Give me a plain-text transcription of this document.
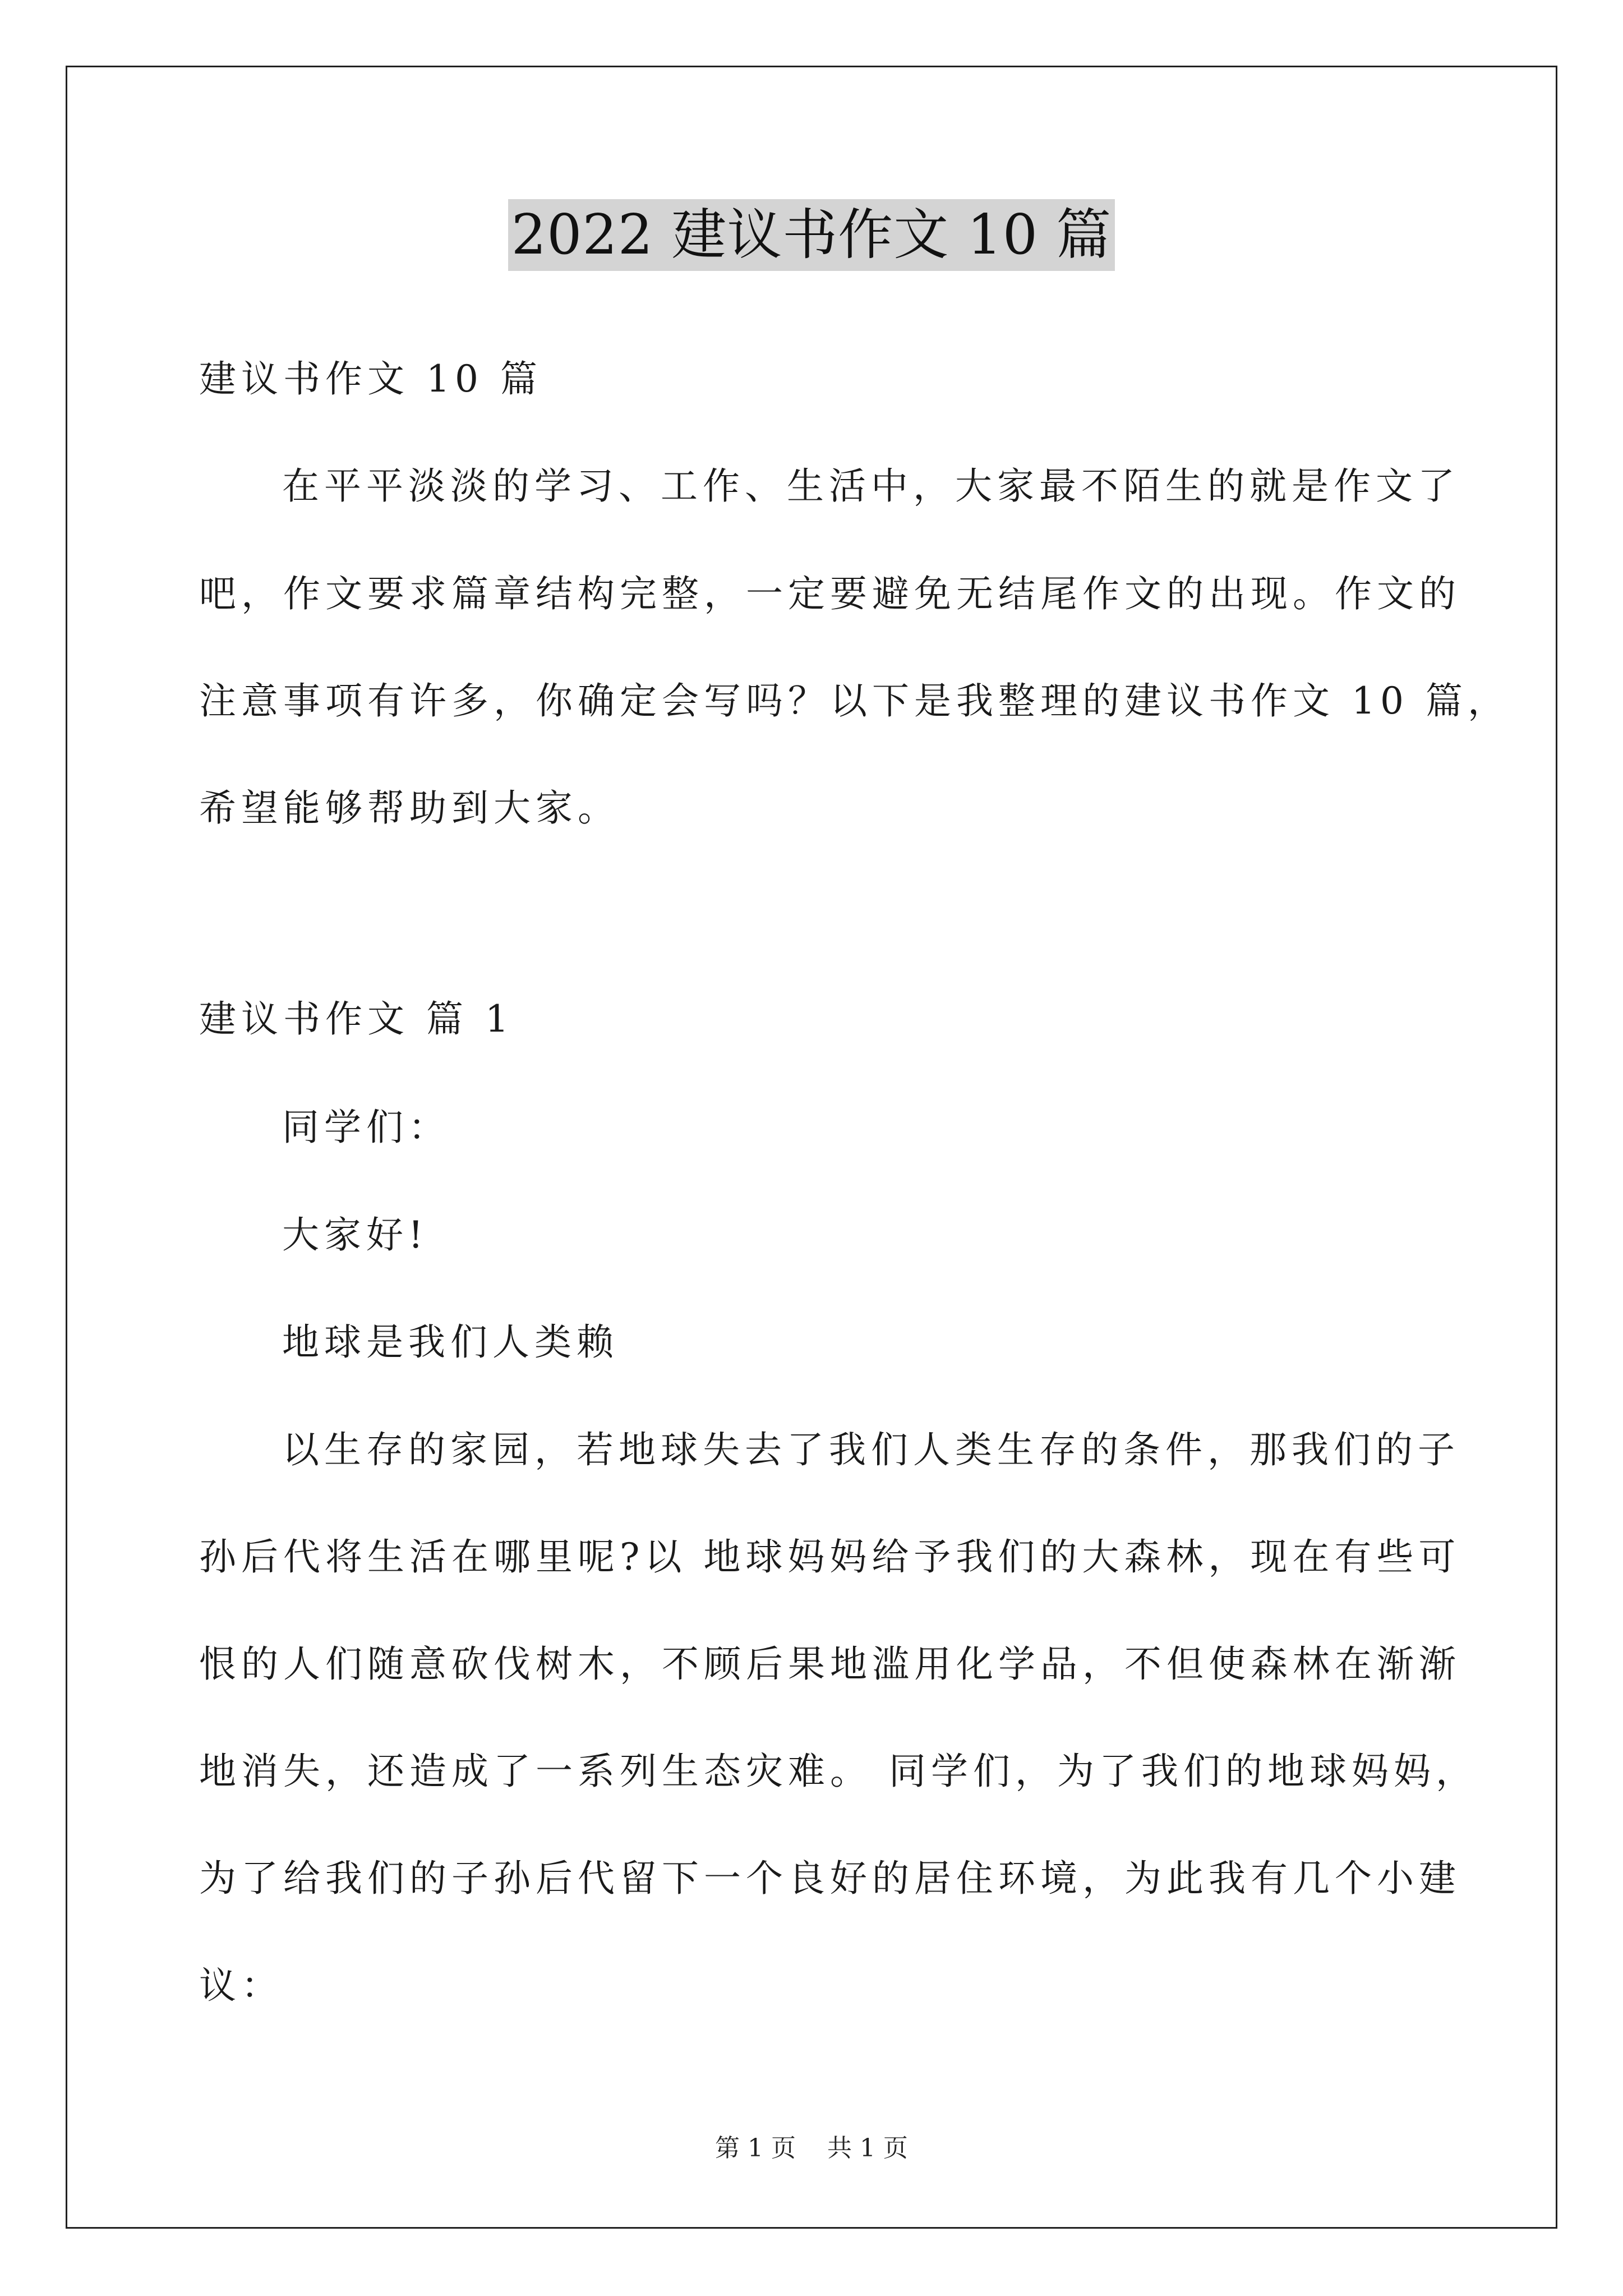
2022 建议书作文 10 篇
建议书作文 10 篇
在平平淡淡的学习、工作、生活中，大家最不陌生的就是作文了
吧，作文要求篇章结构完整，一定要避免无结尾作文的出现。作文的
注意事项有许多，你确定会写吗？以下是我整理的建议书作文 10 篇，
希望能够帮助到大家。
建议书作文 篇 1
同学们：
大家好!
地球是我们人类赖
以生存的家园，若地球失去了我们人类生存的条件，那我们的子
孙后代将生活在哪里呢?以 地球妈妈给予我们的大森林，现在有些可
恨的人们随意砍伐树木，不顾后果地滥用化学品，不但使森林在渐渐
地消失，还造成了一系列生态灾难。 同学们，为了我们的地球妈妈，
为了给我们的子孙后代留下一个良好的居住环境，为此我有几个小建
议：
第 1 页    共 1 页
